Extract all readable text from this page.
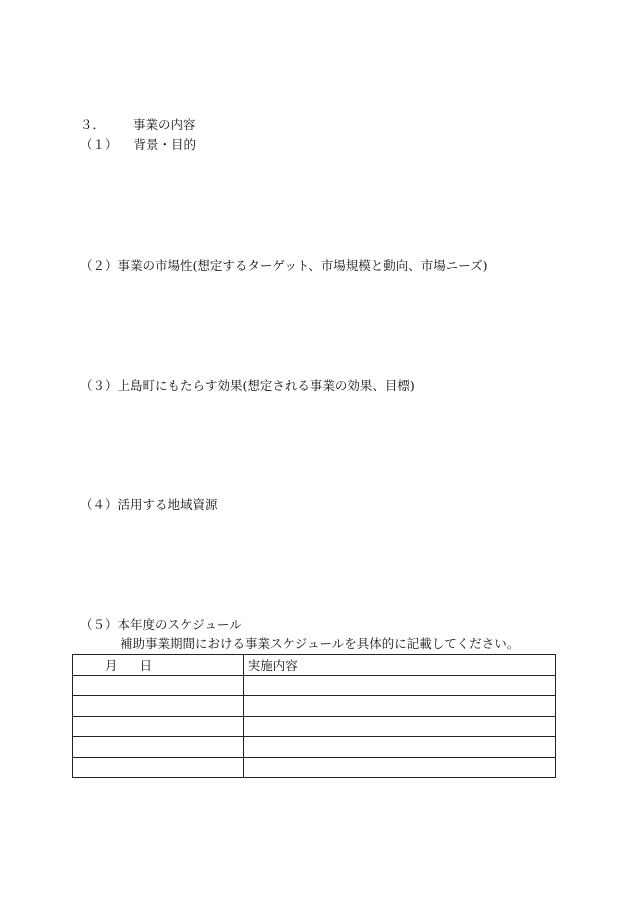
３． 事業の内容
（１） 背景・目的
（２）事業の市場性(想定するターゲット、市場規模と動向、市場ニーズ)
（３）上島町にもたらす効果(想定される事業の効果、目標)
（４）活用する地域資源
（５）本年度のスケジュール
補助事業期間における事業スケジュールを具体的に記載してください。
月 日	実施内容
